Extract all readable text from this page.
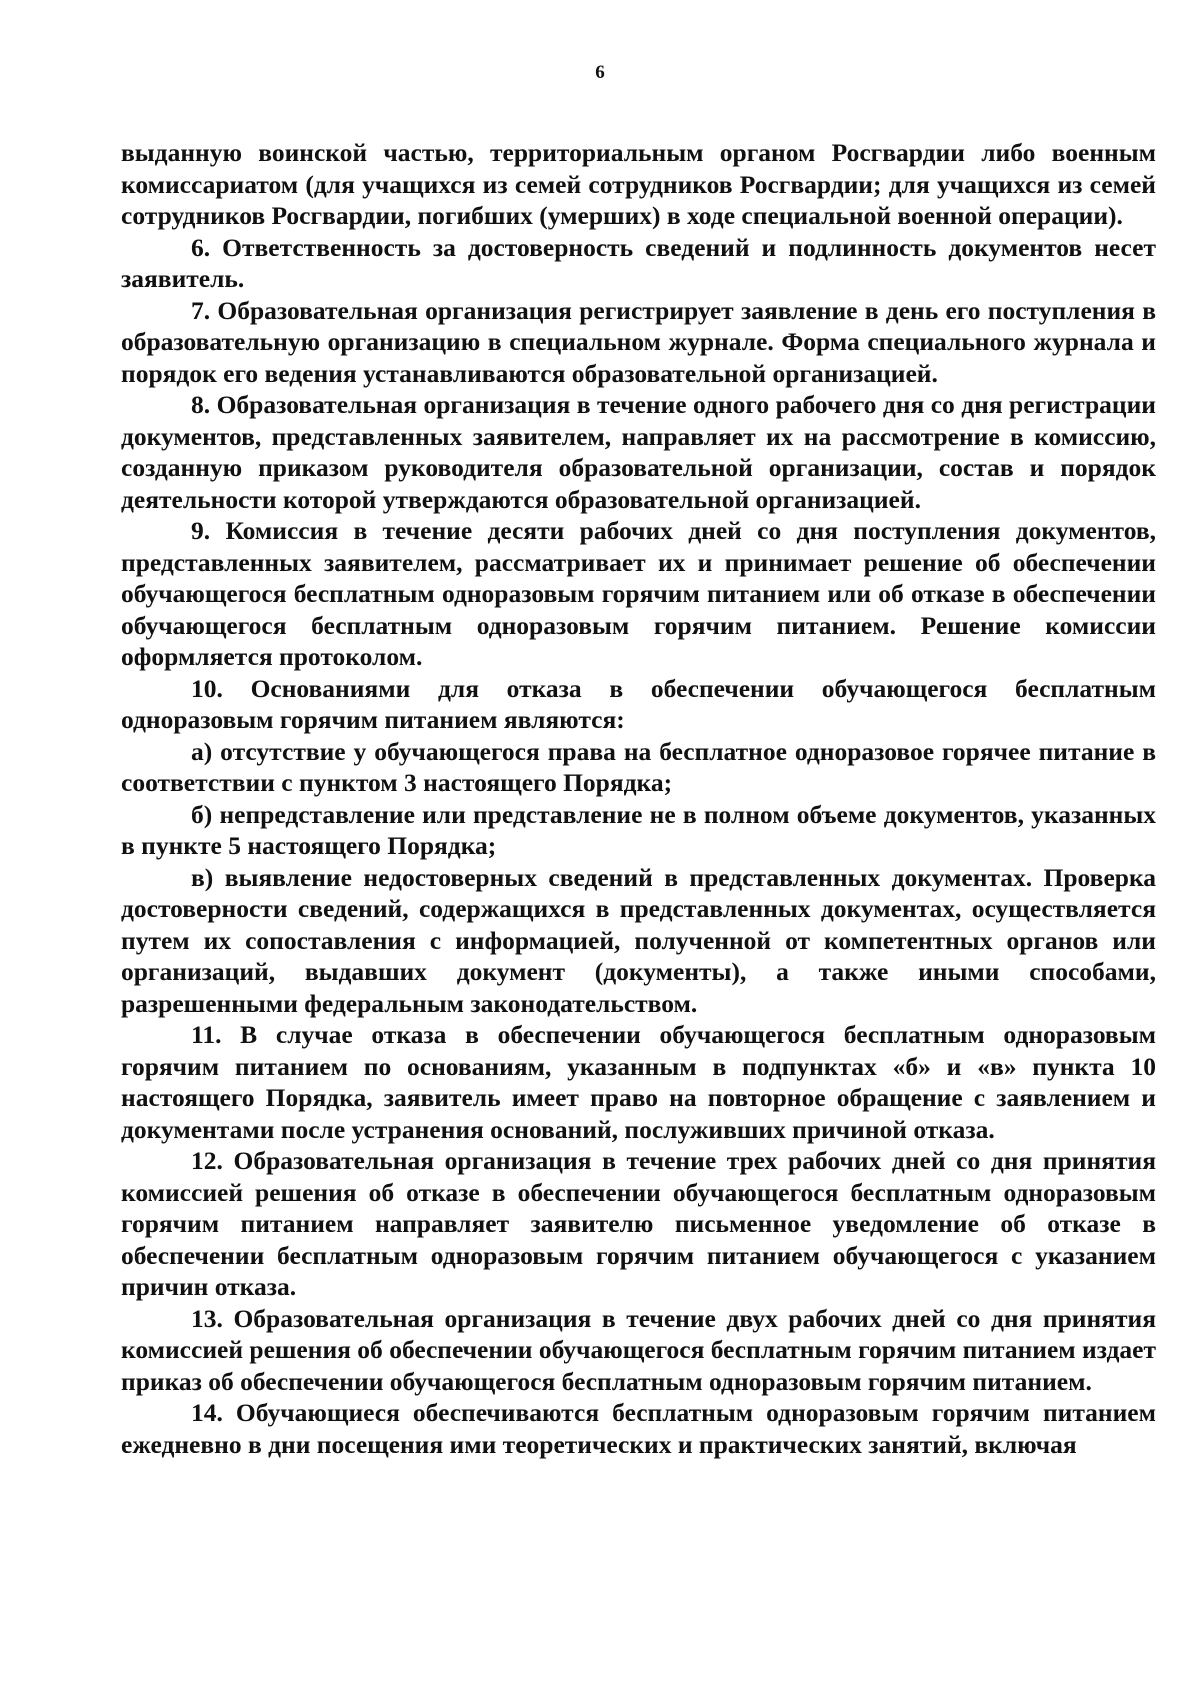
6

выданную воинской частью, территориальным органом Росгвардии либо военным комиссариатом (для учащихся из семей сотрудников Росгвардии; для учащихся из семей сотрудников Росгвардии, погибших (умерших) в ходе специальной военной операции).

6. Ответственность за достоверность сведений и подлинность документов несет заявитель.

7. Образовательная организация регистрирует заявление в день его поступления в образовательную организацию в специальном журнале. Форма специального журнала и порядок его ведения устанавливаются образовательной организацией.

8. Образовательная организация в течение одного рабочего дня со дня регистрации документов, представленных заявителем, направляет их на рассмотрение в комиссию, созданную приказом руководителя образовательной организации, состав и порядок деятельности которой утверждаются образовательной организацией.

9. Комиссия в течение десяти рабочих дней со дня поступления документов, представленных заявителем, рассматривает их и принимает решение об обеспечении обучающегося бесплатным одноразовым горячим питанием или об отказе в обеспечении обучающегося бесплатным одноразовым горячим питанием. Решение комиссии оформляется протоколом.

10. Основаниями для отказа в обеспечении обучающегося бесплатным одноразовым горячим питанием являются:

а) отсутствие у обучающегося права на бесплатное одноразовое горячее питание в соответствии с пунктом 3 настоящего Порядка;

б) непредставление или представление не в полном объеме документов, указанных в пункте 5 настоящего Порядка;

в) выявление недостоверных сведений в представленных документах. Проверка достоверности сведений, содержащихся в представленных документах, осуществляется путем их сопоставления с информацией, полученной от компетентных органов или организаций, выдавших документ (документы), а также иными способами, разрешенными федеральным законодательством.

11. В случае отказа в обеспечении обучающегося бесплатным одноразовым горячим питанием по основаниям, указанным в подпунктах «б» и «в» пункта 10 настоящего Порядка, заявитель имеет право на повторное обращение с заявлением и документами после устранения оснований, послуживших причиной отказа.

12. Образовательная организация в течение трех рабочих дней со дня принятия комиссией решения об отказе в обеспечении обучающегося бесплатным одноразовым горячим питанием направляет заявителю письменное уведомление об отказе в обеспечении бесплатным одноразовым горячим питанием обучающегося с указанием причин отказа.

13. Образовательная организация в течение двух рабочих дней со дня принятия комиссией решения об обеспечении обучающегося бесплатным горячим питанием издает приказ об обеспечении обучающегося бесплатным одноразовым горячим питанием.

14. Обучающиеся обеспечиваются бесплатным одноразовым горячим питанием ежедневно в дни посещения ими теоретических и практических занятий, включая
